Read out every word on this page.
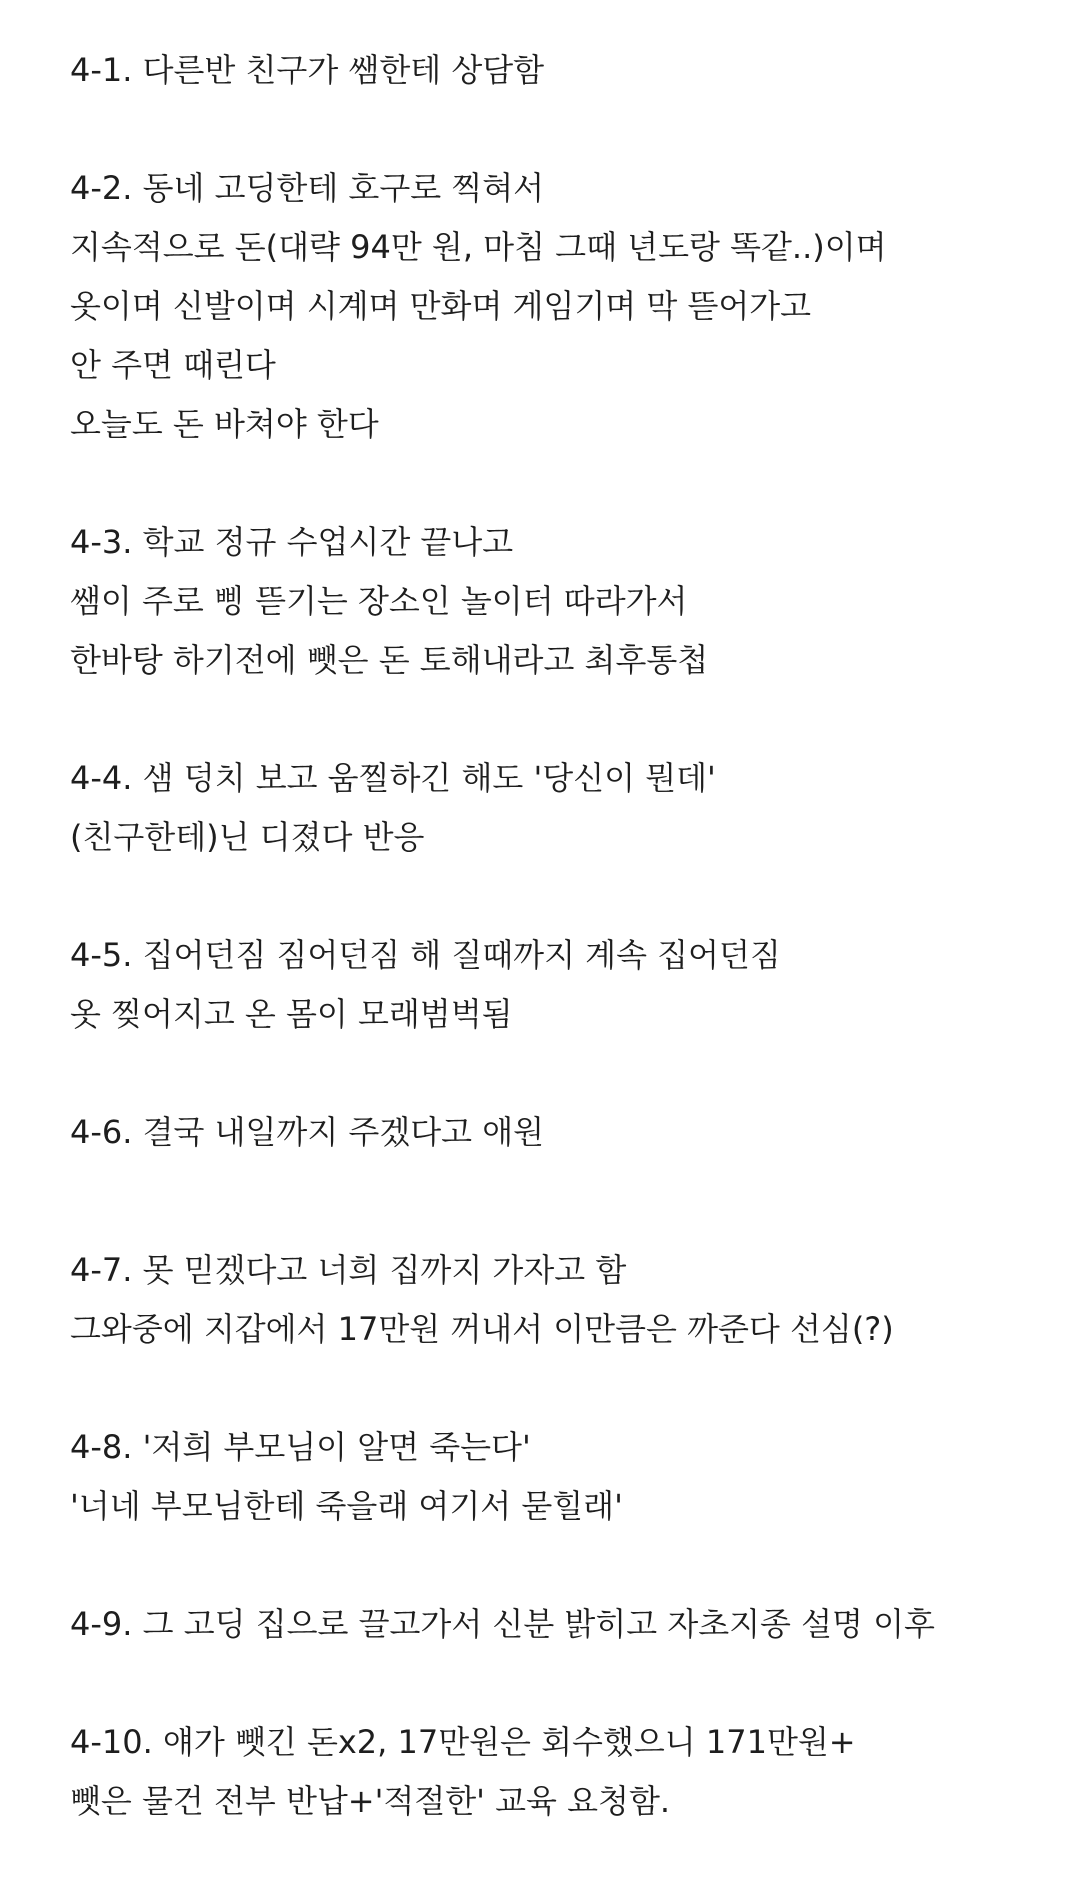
4-1. 다른반 친구가 쌤한테 상담함
4-2. 동네 고딩한테 호구로 찍혀서
지속적으로 돈(대략 94만 원, 마침 그때 년도랑 똑같..)이며
옷이며 신발이며 시계며 만화며 게임기며 막 뜯어가고
안 주면 때린다
오늘도 돈 바쳐야 한다
4-3. 학교 정규 수업시간 끝나고
쌤이 주로 삥 뜯기는 장소인 놀이터 따라가서
한바탕 하기전에 뺏은 돈 토해내라고 최후통첩
4-4. 샘 덩치 보고 움찔하긴 해도 '당신이 뭔데'
(친구한테)닌 디졌다 반응
4-5. 집어던짐 짐어던짐 해 질때까지 계속 집어던짐
옷 찢어지고 온 몸이 모래범벅됨
4-6. 결국 내일까지 주겠다고 애원
4-7. 못 믿겠다고 너희 집까지 가자고 함
그와중에 지갑에서 17만원 꺼내서 이만큼은 까준다 선심(?)
4-8. '저희 부모님이 알면 죽는다'
'너네 부모님한테 죽을래 여기서 묻힐래'
4-9. 그 고딩 집으로 끌고가서 신분 밝히고 자초지종 설명 이후
4-10. 얘가 뺏긴 돈x2, 17만원은 회수했으니 171만원+
뺏은 물건 전부 반납+'적절한' 교육 요청함.
